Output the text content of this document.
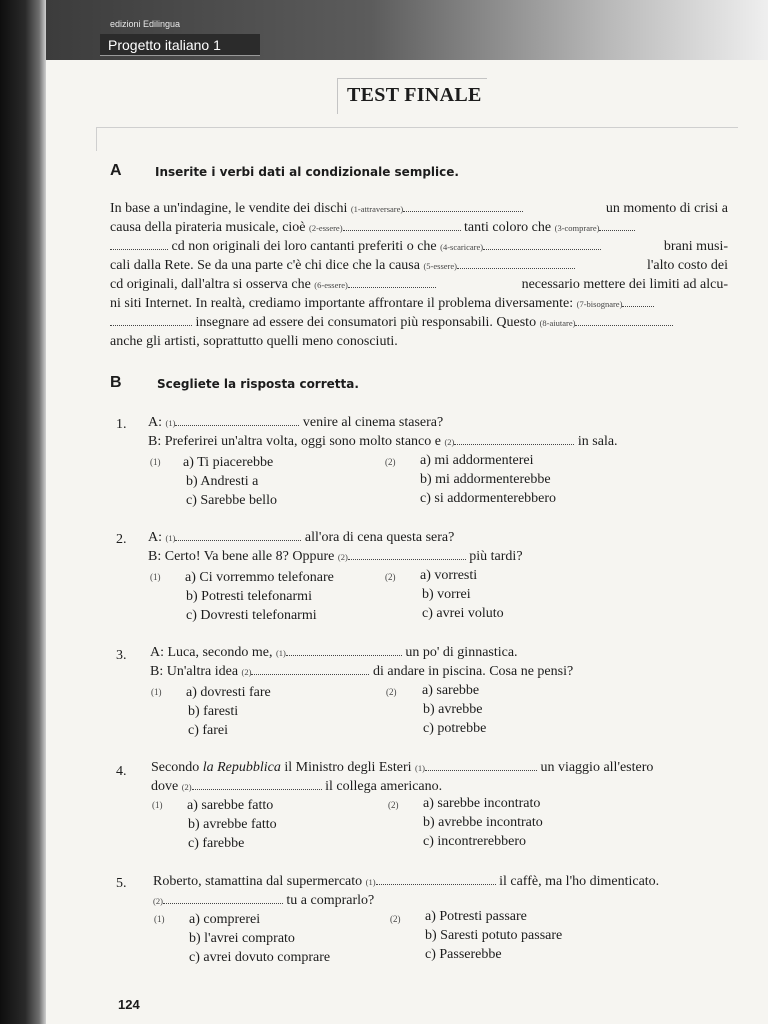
edizioni Edilingua
Progetto italiano 1
TEST FINALE
A	Inserite i verbi dati al condizionale semplice.
In base a un'indagine, le vendite dei dischi (1-attraversare)	un momento di crisi a
causa della pirateria musicale, cioè (2-essere)	tanti coloro che (3-comprare)
cd non originali dei loro cantanti preferiti o che (4-scaricare)	brani musi-
cali dalla Rete. Se da una parte c'è chi dice che la causa (5-essere)	l'alto costo dei
cd originali, dall'altra si osserva che (6-essere)	necessario mettere dei limiti ad alcu-
ni siti Internet. In realtà, crediamo importante affrontare il problema diversamente: (7-bisognare)
insegnare ad essere dei consumatori più responsabili. Questo (8-aiutare)
anche gli artisti, soprattutto quelli meno conosciuti.
B	Scegliete la risposta corretta.
1. A: (1)	venire al cinema stasera?
B: Preferirei un'altra volta, oggi sono molto stanco e (2)	in sala.
(1) a) Ti piacerebbe
b) Andresti a
c) Sarebbe bello
(2) a) mi addormenterei
b) mi addormenterebbe
c) si addormenterebbero
2. A: (1)	all'ora di cena questa sera?
B: Certo! Va bene alle 8? Oppure (2)	più tardi?
(1) a) Ci vorremmo telefonare
b) Potresti telefonarmi
c) Dovresti telefonarmi
(2) a) vorresti
b) vorrei
c) avrei voluto
3. A: Luca, secondo me, (1)	un po' di ginnastica.
B: Un'altra idea (2)	di andare in piscina. Cosa ne pensi?
(1) a) dovresti fare
b) faresti
c) farei
(2) a) sarebbe
b) avrebbe
c) potrebbe
4. Secondo la Repubblica il Ministro degli Esteri (1)	un viaggio all'estero
dove (2)	il collega americano.
(1) a) sarebbe fatto
b) avrebbe fatto
c) farebbe
(2) a) sarebbe incontrato
b) avrebbe incontrato
c) incontrerebbero
5. Roberto, stamattina dal supermercato (1)	il caffè, ma l'ho dimenticato.
(2)	tu a comprarlo?
(1) a) comprerei
b) l'avrei comprato
c) avrei dovuto comprare
(2) a) Potresti passare
b) Saresti potuto passare
c) Passerebbe
124
